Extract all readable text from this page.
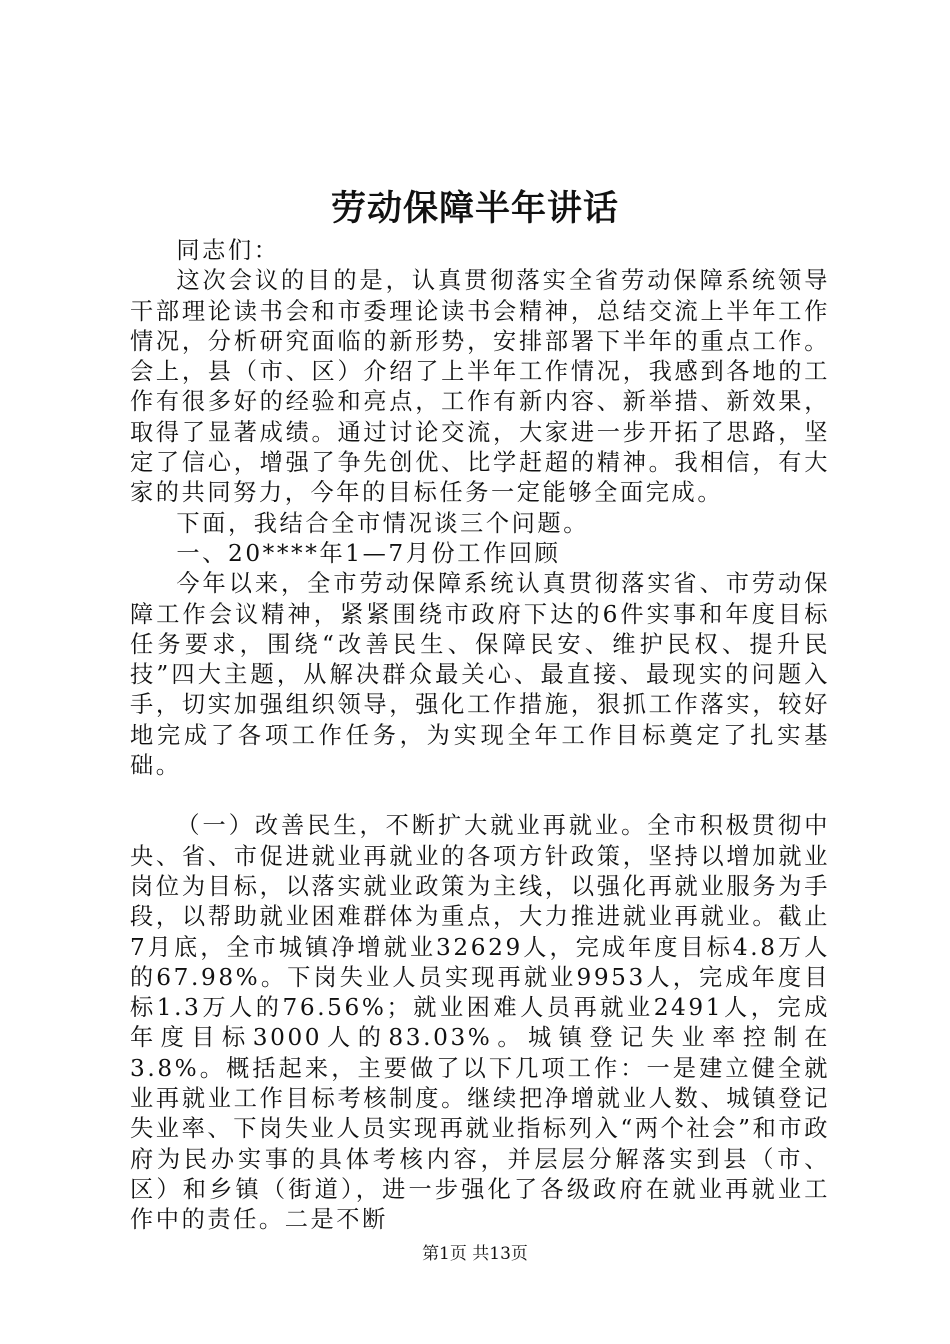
劳动保障半年讲话

同志们：

这次会议的目的是，认真贯彻落实全省劳动保障系统领导干部理论读书会和市委理论读书会精神，总结交流上半年工作情况，分析研究面临的新形势，安排部署下半年的重点工作。会上，县（市、区）介绍了上半年工作情况，我感到各地的工作有很多好的经验和亮点，工作有新内容、新举措、新效果，取得了显著成绩。通过讨论交流，大家进一步开拓了思路，坚定了信心，增强了争先创优、比学赶超的精神。我相信，有大家的共同努力，今年的目标任务一定能够全面完成。

下面，我结合全市情况谈三个问题。

一、20****年1—7月份工作回顾

今年以来，全市劳动保障系统认真贯彻落实省、市劳动保障工作会议精神，紧紧围绕市政府下达的6件实事和年度目标任务要求，围绕“改善民生、保障民安、维护民权、提升民技”四大主题，从解决群众最关心、最直接、最现实的问题入手，切实加强组织领导，强化工作措施，狠抓工作落实，较好地完成了各项工作任务，为实现全年工作目标奠定了扎实基础。

（一）改善民生，不断扩大就业再就业。全市积极贯彻中央、省、市促进就业再就业的各项方针政策，坚持以增加就业岗位为目标，以落实就业政策为主线，以强化再就业服务为手段，以帮助就业困难群体为重点，大力推进就业再就业。截止7月底，全市城镇净增就业32629人，完成年度目标4.8万人的67.98%。下岗失业人员实现再就业9953人，完成年度目标1.3万人的76.56%；就业困难人员再就业2491人，完成年度目标3000人的83.03%。城镇登记失业率控制在3.8%。概括起来，主要做了以下几项工作：一是建立健全就业再就业工作目标考核制度。继续把净增就业人数、城镇登记失业率、下岗失业人员实现再就业指标列入“两个社会”和市政府为民办实事的具体考核内容，并层层分解落实到县（市、区）和乡镇（街道），进一步强化了各级政府在就业再就业工作中的责任。二是不断

第1页 共13页
